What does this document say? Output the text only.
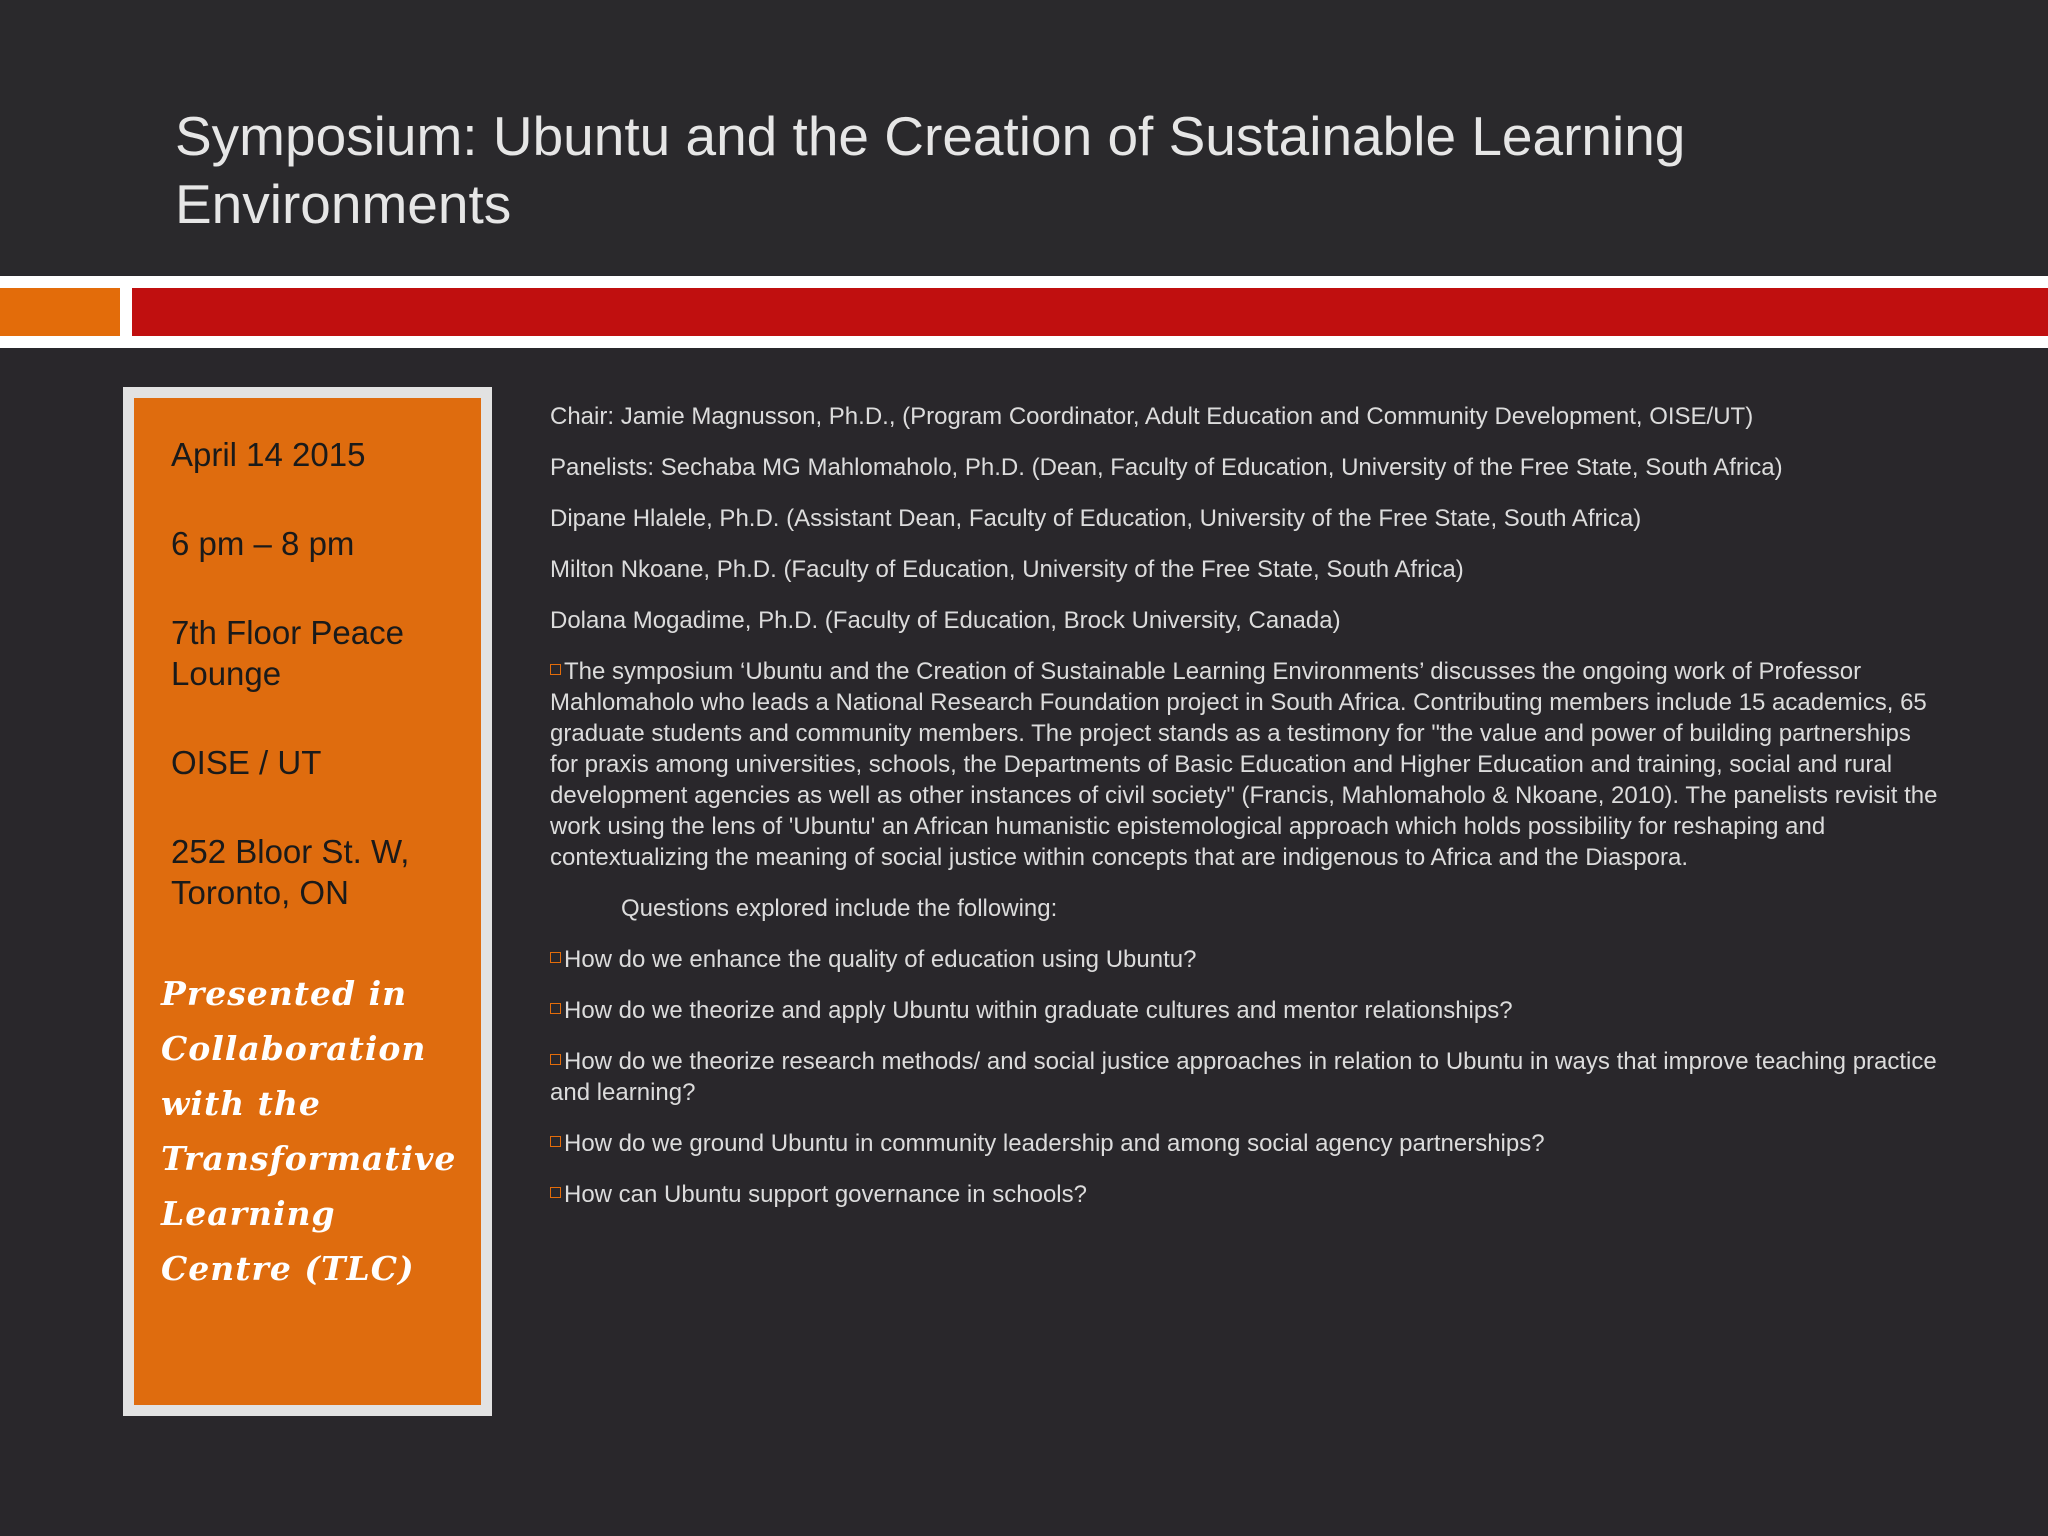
Symposium: Ubuntu and the Creation of Sustainable Learning Environments
April 14 2015
6 pm – 8 pm
7th Floor Peace Lounge
OISE / UT
252 Bloor St. W, Toronto, ON
Presented in Collaboration with the Transformative Learning Centre (TLC)

Chair: Jamie Magnusson, Ph.D., (Program Coordinator, Adult Education and Community Development, OISE/UT)

Panelists: Sechaba MG Mahlomaholo, Ph.D. (Dean, Faculty of Education, University of the Free State, South Africa)

Dipane Hlalele, Ph.D. (Assistant Dean, Faculty of Education, University of the Free State, South Africa)

Milton Nkoane, Ph.D. (Faculty of Education, University of the Free State, South Africa)

Dolana Mogadime, Ph.D. (Faculty of Education, Brock University, Canada)

The symposium ‘Ubuntu and the Creation of Sustainable Learning Environments’ discusses the ongoing work of Professor Mahlomaholo who leads a National Research Foundation project in South Africa. Contributing members include 15 academics, 65 graduate students and community members. The project stands as a testimony for "the value and power of building partnerships for praxis among universities, schools, the Departments of Basic Education and Higher Education and training, social and rural development agencies as well as other instances of civil society" (Francis, Mahlomaholo & Nkoane, 2010). The panelists revisit the work using the lens of 'Ubuntu' an African humanistic epistemological approach which holds possibility for reshaping and contextualizing the meaning of social justice within concepts that are indigenous to Africa and the Diaspora.

Questions explored include the following:

How do we enhance the quality of education using Ubuntu?

How do we theorize and apply Ubuntu within graduate cultures and mentor relationships?

How do we theorize research methods/ and social justice approaches in relation to Ubuntu in ways that improve teaching practice and learning?

How do we ground Ubuntu in community leadership and among social agency partnerships?

How can Ubuntu support governance in schools?
